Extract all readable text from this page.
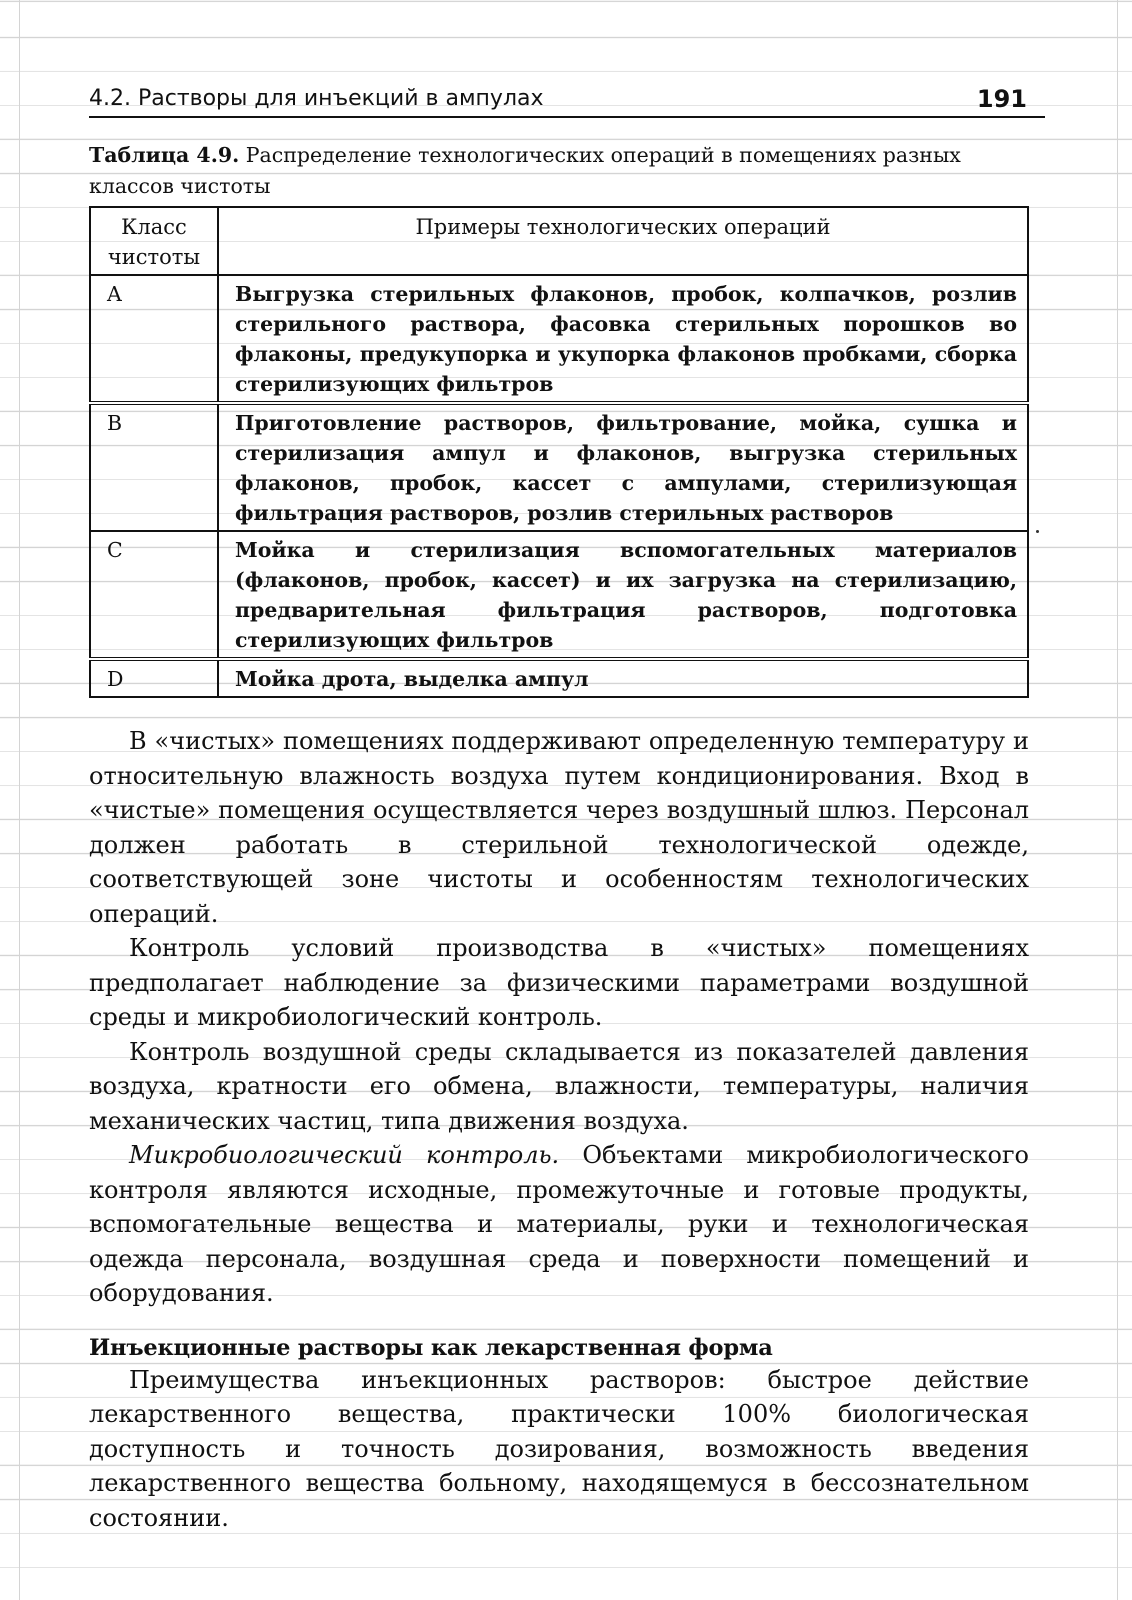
4.2. Растворы для инъекций в ампулах	191
Таблица 4.9. Распределение технологических операций в помещениях разных классов чистоты
Класс чистоты	Примеры технологических операций
A	Выгрузка стерильных флаконов, пробок, колпачков, розлив стерильного раствора, фасовка стерильных порошков во флаконы, предукупорка и укупорка флаконов пробками, сборка стерилизующих фильтров
B	Приготовление растворов, фильтрование, мойка, сушка и стерилизация ампул и флаконов, выгрузка стерильных флаконов, пробок, кассет с ампулами, стерилизующая фильтрация растворов, розлив стерильных растворов
C	Мойка и стерилизация вспомогательных материалов (флаконов, пробок, кассет) и их загрузка на стерилизацию, предварительная фильтрация растворов, подготовка стерилизующих фильтров
D	Мойка дрота, выделка ампул

В «чистых» помещениях поддерживают определенную температуру и относительную влажность воздуха путем кондиционирования. Вход в «чистые» помещения осуществляется через воздушный шлюз. Персонал должен работать в стерильной технологической одежде, соответствующей зоне чистоты и особенностям технологических операций.

Контроль условий производства в «чистых» помещениях предполагает наблюдение за физическими параметрами воздушной среды и микробиологический контроль.

Контроль воздушной среды складывается из показателей давления воздуха, кратности его обмена, влажности, температуры, наличия механических частиц, типа движения воздуха.

Микробиологический контроль. Объектами микробиологического контроля являются исходные, промежуточные и готовые продукты, вспомогательные вещества и материалы, руки и технологическая одежда персонала, воздушная среда и поверхности помещений и оборудования.

Инъекционные растворы как лекарственная форма

Преимущества инъекционных растворов: быстрое действие лекарственного вещества, практически 100% биологическая доступность и точность дозирования, возможность введения лекарственного вещества больному, находящемуся в бессознательном состоянии.
